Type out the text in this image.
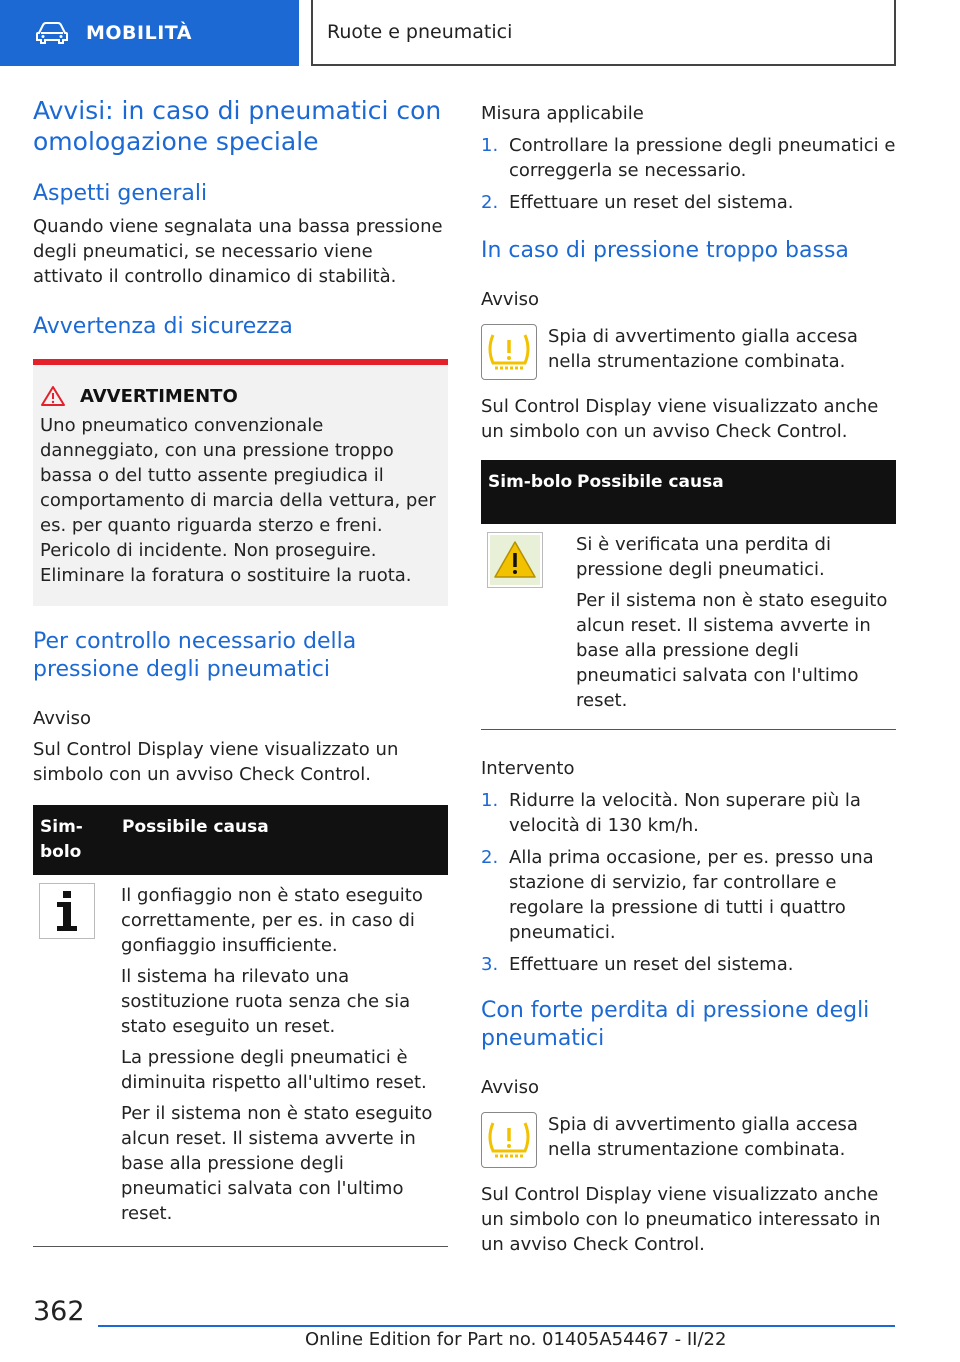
MOBILITÀ	Ruote e pneumatici
Avvisi: in caso di pneumatici con omologazione speciale
Aspetti generali
Quando viene segnalata una bassa pressione degli pneumatici, se necessario viene attivato il controllo dinamico di stabilità.
Avvertenza di sicurezza
AVVERTIMENTO
Uno pneumatico convenzionale danneggiato, con una pressione troppo bassa o del tutto assente pregiudica il comportamento di marcia della vettura, per es. per quanto riguarda sterzo e freni. Pericolo di incidente. Non proseguire. Eliminare la foratura o sostituire la ruota.
Per controllo necessario della pressione degli pneumatici
Avviso
Sul Control Display viene visualizzato un simbolo con un avviso Check Control.
Sim-bolo
Possibile causa
Il gonfiaggio non è stato eseguito correttamente, per es. in caso di gonfiaggio insufficiente.
Il sistema ha rilevato una sostituzione ruota senza che sia stato eseguito un reset.
La pressione degli pneumatici è diminuita rispetto all'ultimo reset.
Per il sistema non è stato eseguito alcun reset. Il sistema avverte in base alla pressione degli pneumatici salvata con l'ultimo reset.
Misura applicabile
1. Controllare la pressione degli pneumatici e correggerla se necessario.
2. Effettuare un reset del sistema.
In caso di pressione troppo bassa
Avviso
Spia di avvertimento gialla accesa nella strumentazione combinata.
Sul Control Display viene visualizzato anche un simbolo con un avviso Check Control.
Sim-bolo Possibile causa
Si è verificata una perdita di pressione degli pneumatici.
Per il sistema non è stato eseguito alcun reset. Il sistema avverte in base alla pressione degli pneumatici salvata con l'ultimo reset.
Intervento
1. Ridurre la velocità. Non superare più la velocità di 130 km/h.
2. Alla prima occasione, per es. presso una stazione di servizio, far controllare e regolare la pressione di tutti i quattro pneumatici.
3. Effettuare un reset del sistema.
Con forte perdita di pressione degli pneumatici
Avviso
Spia di avvertimento gialla accesa nella strumentazione combinata.
Sul Control Display viene visualizzato anche un simbolo con lo pneumatico interessato in un avviso Check Control.
362
Online Edition for Part no. 01405A54467 - II/22
